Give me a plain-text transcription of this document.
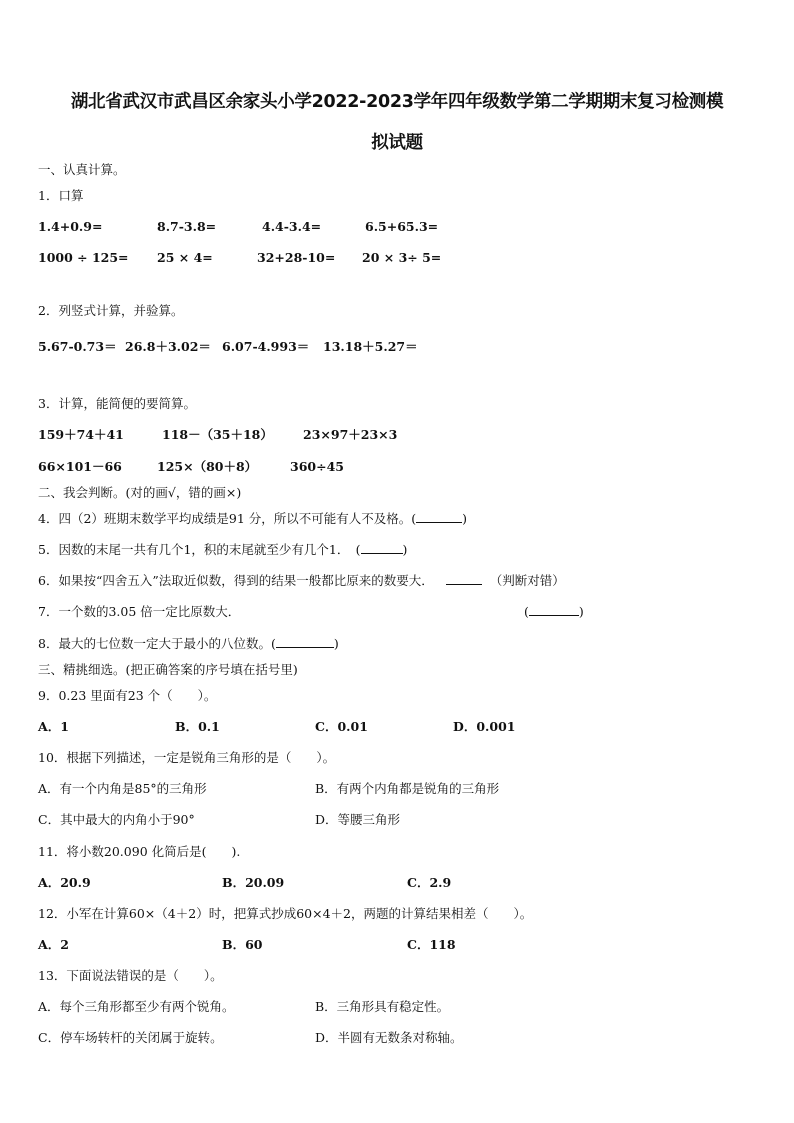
湖北省武汉市武昌区余家头小学2022-2023学年四年级数学第二学期期末复习检测模
拟试题
一、认真计算。
1．口算
1.4+0.9=	8.7-3.8=	4.4-3.4=	6.5+65.3=
1000 ÷ 125= 25 × 4=	32+28-10= 20 × 3÷ 5=
2．列竖式计算，并验算。
5.67-0.73＝ 26.8＋3.02＝ 6.07-4.993＝ 13.18＋5.27＝
3．计算，能简便的要简算。
159＋74＋41	118－（35＋18） 23×97＋23×3
66×101－66	125×（80＋8）	360÷45
二、我会判断。(对的画√，错的画×)
4．四（2）班期末数学平均成绩是91 分，所以不可能有人不及格。(	)
5．因数的末尾一共有几个1，积的末尾就至少有几个1．　(	)
6．如果按“四舍五入”法取近似数，得到的结果一般都比原来的数要大．	（判断对错）
7．一个数的3.05 倍一定比原数大．	(	)
8．最大的七位数一定大于最小的八位数。(	)
三、精挑细选。(把正确答案的序号填在括号里)
9．0.23 里面有23 个（　　）。
A．1	B．0.1	C．0.01	D．0.001
10．根据下列描述，一定是锐角三角形的是（　　）。
A．有一个内角是85°的三角形	B．有两个内角都是锐角的三角形
C．其中最大的内角小于90°	D．等腰三角形
11．将小数20.090 化简后是(　　).
A．20.9	B．20.09	C．2.9
12．小军在计算60×（4＋2）时，把算式抄成60×4＋2，两题的计算结果相差（　　）。
A．2	B．60	C．118
13．下面说法错误的是（　　）。
A．每个三角形都至少有两个锐角。	B．三角形具有稳定性。
C．停车场转杆的关闭属于旋转。	D．半圆有无数条对称轴。
